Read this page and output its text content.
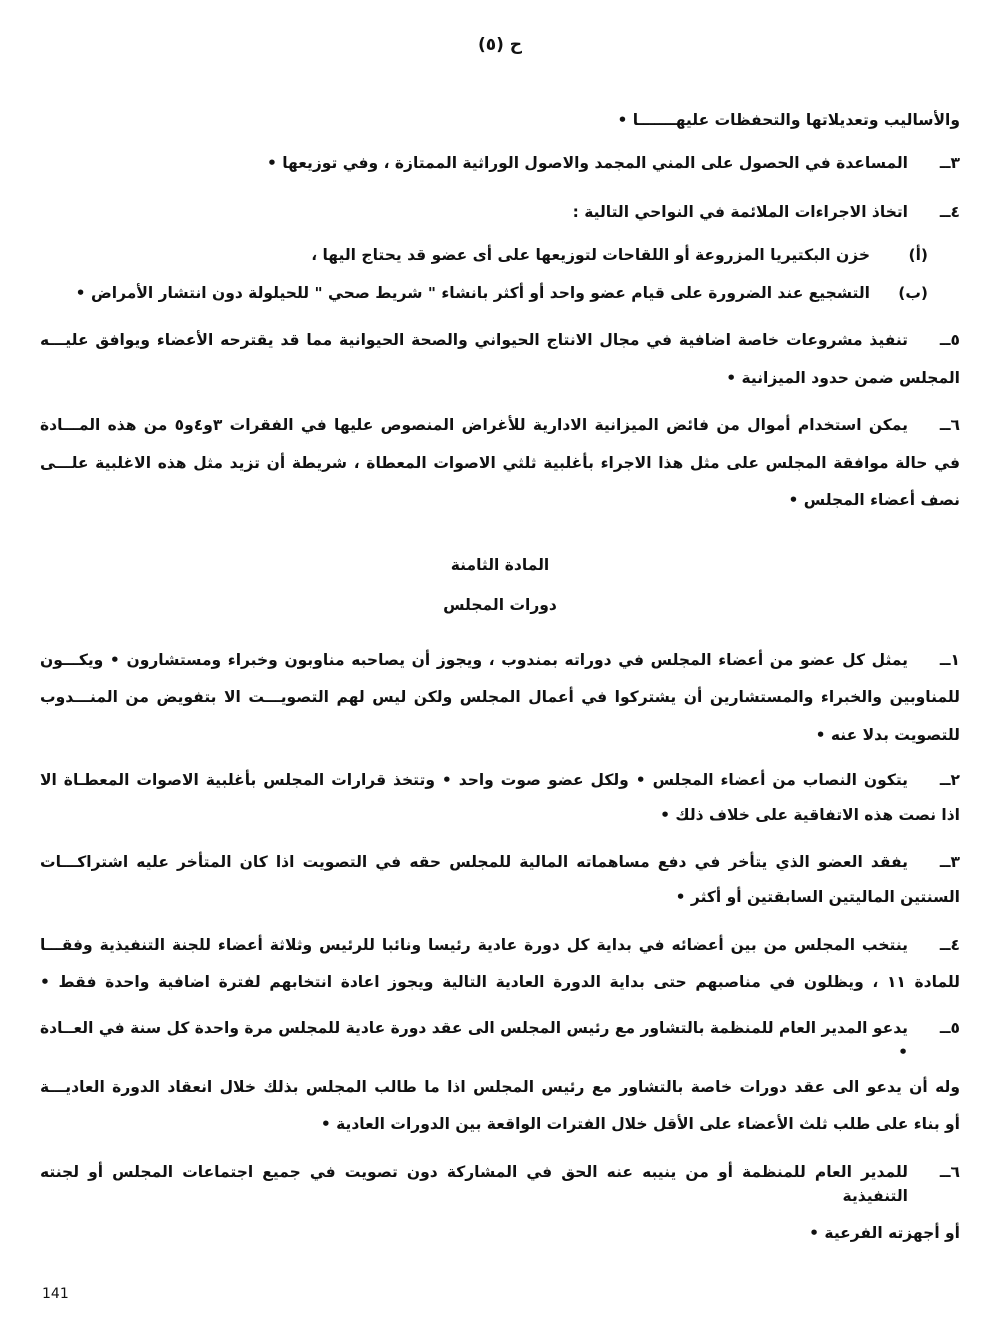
ح (٥)
والأساليب وتعديلاتها والتحفظات عليهـــــــا •
٣ــ
المساعدة في الحصول على المني المجمد والاصول الوراثية الممتازة ، وفي توزيعها •
٤ــ
اتخاذ الاجراءات الملائمة في النواحي التالية :
(أ)
خزن البكتيريا المزروعة أو اللقاحات لتوزيعها على أى عضو قد يحتاج اليها ،
(ب)
التشجيع عند الضرورة على قيام عضو واحد أو أكثر بانشاء " شريط صحي " للحيلولة دون انتشار الأمراض •
٥ــ
تنفيذ مشروعات خاصة اضافية في مجال الانتاج الحيواني والصحة الحيوانية مما قد يقترحه الأعضاء ويوافق عليـــه
المجلس ضمن حدود الميزانية •
٦ــ
يمكن استخدام أموال من فائض الميزانية الادارية للأغراض المنصوص عليها في الفقرات ٣و٤و٥ من هذه المـــادة
في حالة موافقة المجلس على مثل هذا الاجراء بأغلبية ثلثي الاصوات المعطاة ، شريطة أن تزيد مثل هذه الاغلبية علـــى
نصف أعضاء المجلس •
المادة الثامنة
دورات المجلس
١ــ
يمثل كل عضو من أعضاء المجلس في دوراته بمندوب ، ويجوز أن يصاحبه مناوبون وخبراء ومستشارون • ويكـــون
للمناوبين والخبراء والمستشارين أن يشتركوا في أعمال المجلس ولكن ليس لهم التصويـــت الا بتفويض من المنـــدوب
للتصويت بدلا عنه •
٢ــ
يتكون النصاب من أعضاء المجلس • ولكل عضو صوت واحد • وتتخذ قرارات المجلس بأغلبية الاصوات المعطـاة الا
اذا نصت هذه الاتفاقية على خلاف ذلك •
٣ــ
يفقد العضو الذي يتأخر في دفع مساهماته المالية للمجلس حقه في التصويت اذا كان المتأخر عليه اشتراكـــات
السنتين الماليتين السابقتين أو أكثر •
٤ــ
ينتخب المجلس من بين أعضائه في بداية كل دورة عادية رئيسا ونائبا للرئيس وثلاثة أعضاء للجنة التنفيذية وفقـــا
للمادة ١١ ، ويظلون في مناصبهم حتى بداية الدورة العادية التالية ويجوز اعادة انتخابهم لفترة اضافية واحدة فقط •
٥ــ
يدعو المدير العام للمنظمة بالتشاور مع رئيس المجلس الى عقد دورة عادية للمجلس مرة واحدة كل سنة في العــادة •
وله أن يدعو الى عقد دورات خاصة بالتشاور مع رئيس المجلس اذا ما طالب المجلس بذلك خلال انعقاد الدورة العاديـــة
أو بناء على طلب ثلث الأعضاء على الأقل خلال الفترات الواقعة بين الدورات العادية •
٦ــ
للمدير العام للمنظمة أو من ينيبه عنه الحق في المشاركة دون تصويت في جميع اجتماعات المجلس أو لجنته التنفيذية
أو أجهزته الفرعية •
141
